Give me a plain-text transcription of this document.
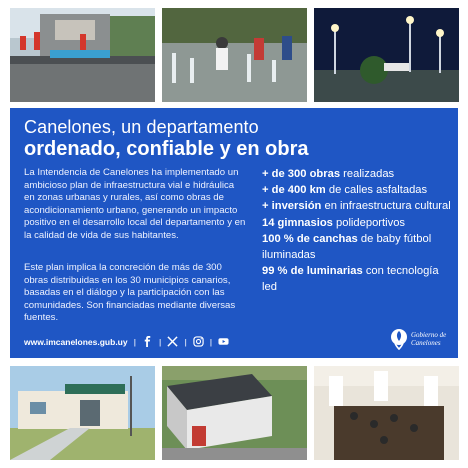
Canelones, un departamento
ordenado, confiable y en obra
La Intendencia de Canelones ha implementado un ambicioso plan de infraestructura vial e hidráulica en zonas urbanas y rurales, así como obras de acondicionamiento urbano, generando un impacto positivo en el desarrollo local del departamento y en la calidad de vida de sus habitantes.
Este plan implica la concreción de más de 300 obras distribuidas en los 30 municipios canarios, basadas en el diálogo y la participación con las comunidades. Son financiadas mediante diversas fuentes.
+ de 300 obras realizadas
+ de 400 km de calles asfaltadas
+ inversión en infraestructura cultural
14 gimnasios polideportivos
100 % de canchas de baby fútbol iluminadas
99 % de luminarias con tecnología led
www.imcanelones.gub.uy |	|	|	|
Gobierno de
Canelones
